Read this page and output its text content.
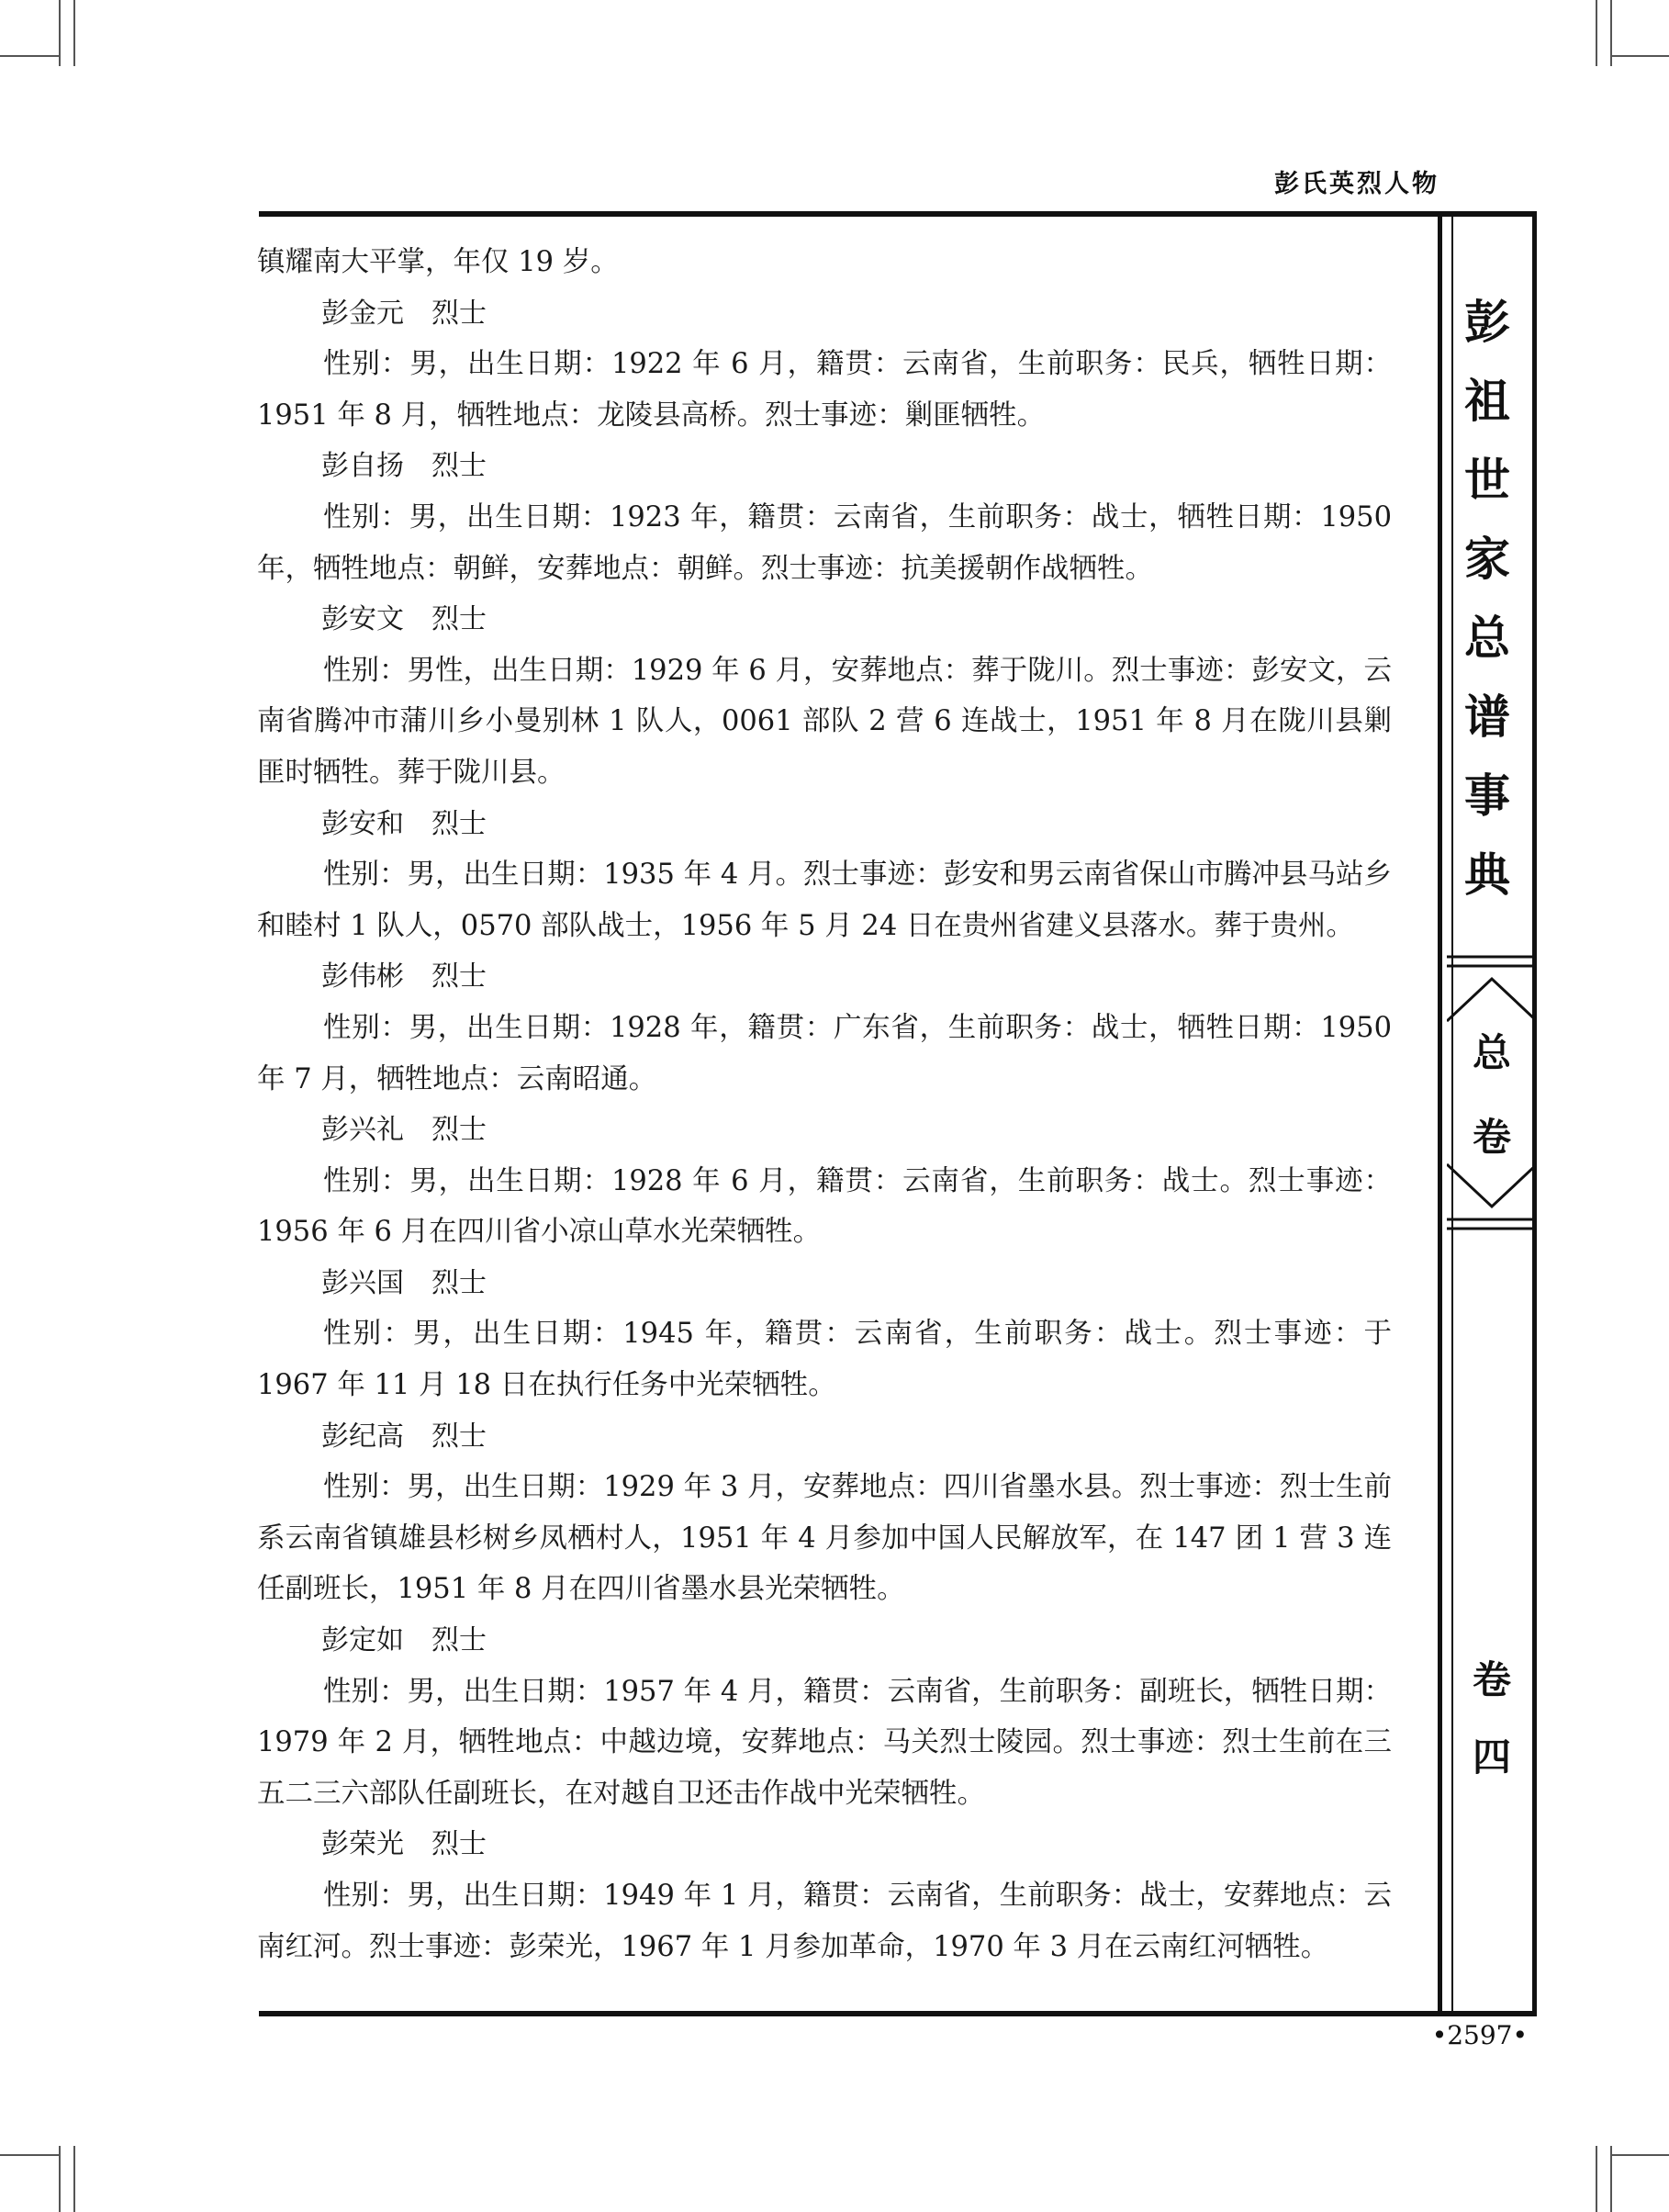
彭氏英烈人物
彭
祖
世
家
总
谱
事
典
总
卷
卷
四

镇耀南大平掌，年仅 19 岁。

彭金元　烈士

性别：男，出生日期：1922 年 6 月，籍贯：云南省，生前职务：民兵，牺牲日期：1951 年 8 月，牺牲地点：龙陵县高桥。烈士事迹：剿匪牺牲。

彭自扬　烈士

性别：男，出生日期：1923 年，籍贯：云南省，生前职务：战士，牺牲日期：1950 年，牺牲地点：朝鲜，安葬地点：朝鲜。烈士事迹：抗美援朝作战牺牲。

彭安文　烈士

性别：男性，出生日期：1929 年 6 月，安葬地点：葬于陇川。烈士事迹：彭安文，云南省腾冲市蒲川乡小曼别林 1 队人，0061 部队 2 营 6 连战士，1951 年 8 月在陇川县剿匪时牺牲。葬于陇川县。

彭安和　烈士

性别：男，出生日期：1935 年 4 月。烈士事迹：彭安和男云南省保山市腾冲县马站乡和睦村 1 队人，0570 部队战士，1956 年 5 月 24 日在贵州省建义县落水。葬于贵州。

彭伟彬　烈士

性别：男，出生日期：1928 年，籍贯：广东省，生前职务：战士，牺牲日期：1950 年 7 月，牺牲地点：云南昭通。

彭兴礼　烈士

性别：男，出生日期：1928 年 6 月，籍贯：云南省，生前职务：战士。烈士事迹：1956 年 6 月在四川省小凉山草水光荣牺牲。

彭兴国　烈士

性别：男，出生日期：1945 年，籍贯：云南省，生前职务：战士。烈士事迹：于 1967 年 11 月 18 日在执行任务中光荣牺牲。

彭纪高　烈士

性别：男，出生日期：1929 年 3 月，安葬地点：四川省墨水县。烈士事迹：烈士生前系云南省镇雄县杉树乡凤栖村人，1951 年 4 月参加中国人民解放军，在 147 团 1 营 3 连任副班长，1951 年 8 月在四川省墨水县光荣牺牲。

彭定如　烈士

性别：男，出生日期：1957 年 4 月，籍贯：云南省，生前职务：副班长，牺牲日期：1979 年 2 月，牺牲地点：中越边境，安葬地点：马关烈士陵园。烈士事迹：烈士生前在三五二三六部队任副班长，在对越自卫还击作战中光荣牺牲。

彭荣光　烈士

性别：男，出生日期：1949 年 1 月，籍贯：云南省，生前职务：战士，安葬地点：云南红河。烈士事迹：彭荣光，1967 年 1 月参加革命，1970 年 3 月在云南红河牺牲。

•2597•
